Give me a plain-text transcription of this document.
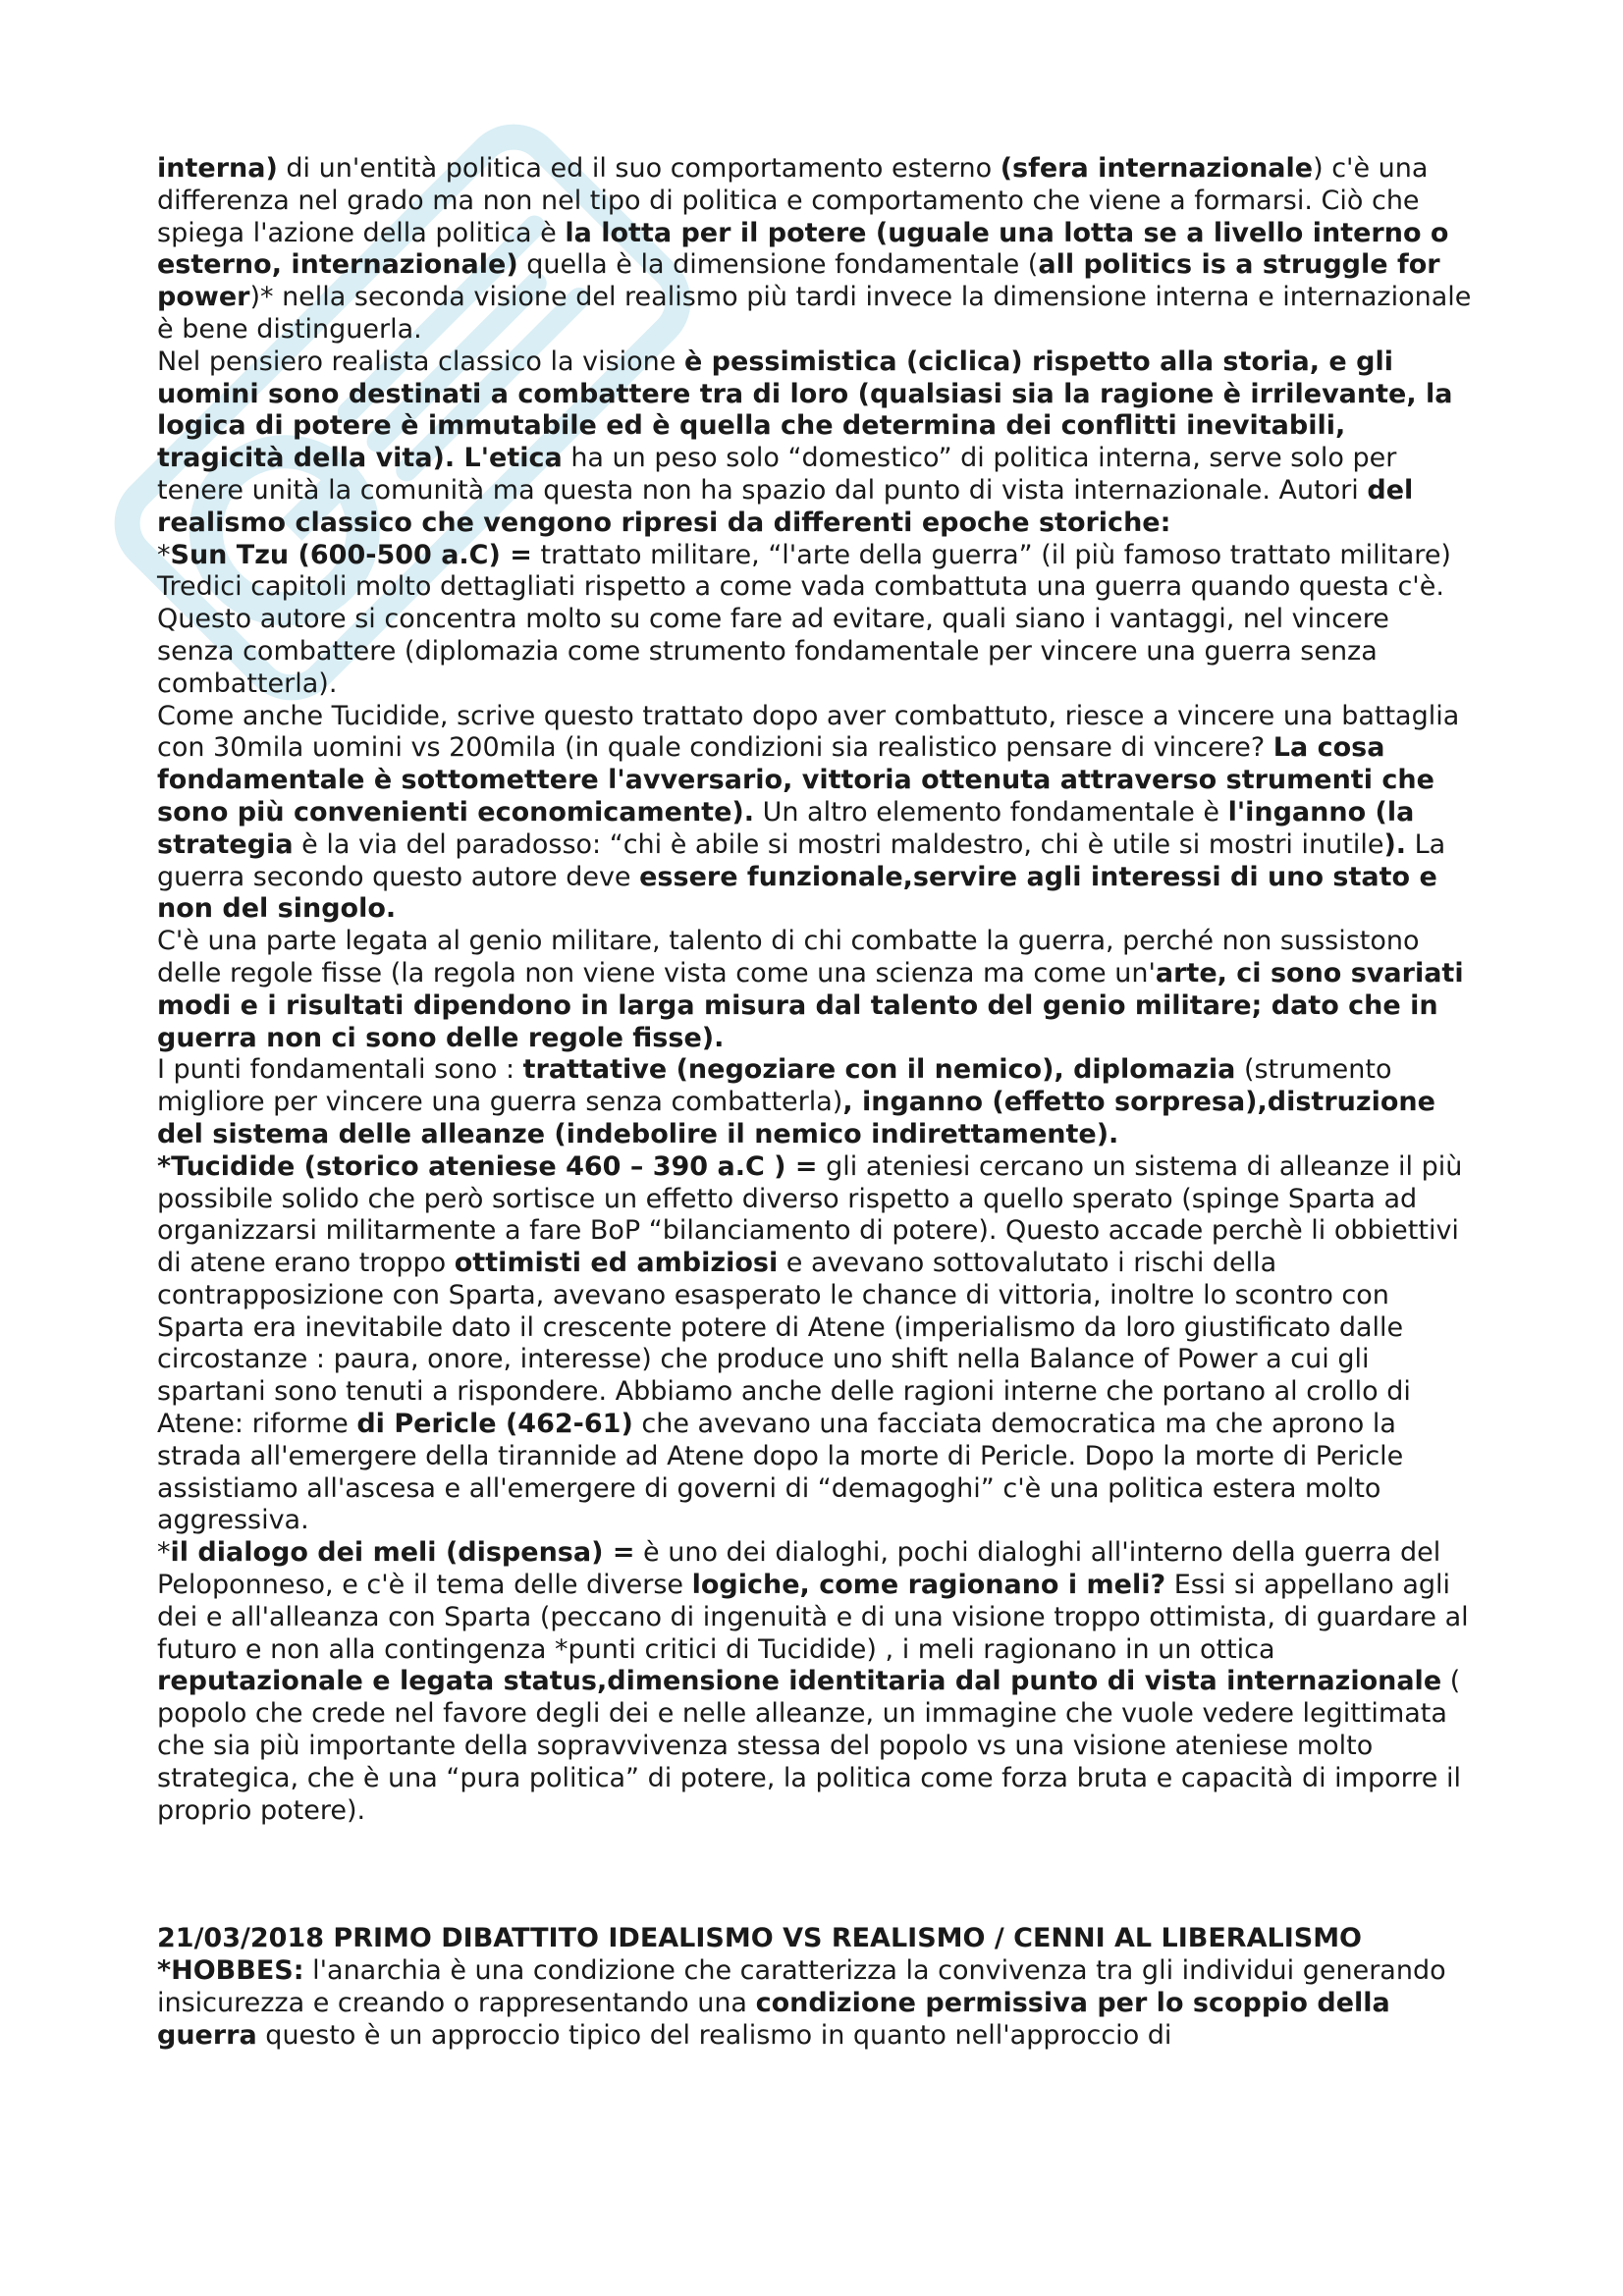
interna) di un'entità politica ed il suo comportamento esterno (sfera internazionale) c'è una differenza nel grado ma non nel tipo di politica e comportamento che viene a formarsi. Ciò che spiega l'azione della politica è la lotta per il potere (uguale una lotta se a livello interno o esterno, internazionale) quella è la dimensione fondamentale (all politics is a struggle for power)* nella seconda visione del realismo più tardi invece la dimensione interna e internazionale è bene distinguerla.

Nel pensiero realista classico la visione è pessimistica (ciclica) rispetto alla storia, e gli uomini sono destinati a combattere tra di loro (qualsiasi sia la ragione è irrilevante, la logica di potere è immutabile ed è quella che determina dei conflitti inevitabili, tragicità della vita). L'etica ha un peso solo “domestico” di politica interna, serve solo per tenere unità la comunità ma questa non ha spazio dal punto di vista internazionale. Autori del realismo classico che vengono ripresi da differenti epoche storiche:

*Sun Tzu (600-500 a.C) = trattato militare, “l'arte della guerra” (il più famoso trattato militare)

Tredici capitoli molto dettagliati rispetto a come vada combattuta una guerra quando questa c'è.

Questo autore si concentra molto su come fare ad evitare, quali siano i vantaggi, nel vincere senza combattere (diplomazia come strumento fondamentale per vincere una guerra senza combatterla).

Come anche Tucidide, scrive questo trattato dopo aver combattuto, riesce a vincere una battaglia con 30mila uomini vs 200mila (in quale condizioni sia realistico pensare di vincere? La cosa fondamentale è sottomettere l'avversario, vittoria ottenuta attraverso strumenti che sono più convenienti economicamente). Un altro elemento fondamentale è l'inganno (la strategia è la via del paradosso: “chi è abile si mostri maldestro, chi è utile si mostri inutile). La guerra secondo questo autore deve essere funzionale,servire agli interessi di uno stato e non del singolo.

C'è una parte legata al genio militare, talento di chi combatte la guerra, perché non sussistono delle regole fisse (la regola non viene vista come una scienza ma come un'arte, ci sono svariati modi e i risultati dipendono in larga misura dal talento del genio militare; dato che in guerra non ci sono delle regole fisse).

I punti fondamentali sono : trattative (negoziare con il nemico), diplomazia (strumento migliore per vincere una guerra senza combatterla), inganno (effetto sorpresa),distruzione del sistema delle alleanze (indebolire il nemico indirettamente).

*Tucidide (storico ateniese 460 – 390 a.C ) = gli ateniesi cercano un sistema di alleanze il più possibile solido che però sortisce un effetto diverso rispetto a quello sperato (spinge Sparta ad organizzarsi militarmente a fare BoP “bilanciamento di potere). Questo accade perchè li obbiettivi di atene erano troppo ottimisti ed ambiziosi e avevano sottovalutato i rischi della contrapposizione con Sparta, avevano esasperato le chance di vittoria, inoltre lo scontro con Sparta era inevitabile dato il crescente potere di Atene (imperialismo da loro giustificato dalle circostanze : paura, onore, interesse) che produce uno shift nella Balance of Power a cui gli spartani sono tenuti a rispondere. Abbiamo anche delle ragioni interne che portano al crollo di Atene: riforme di Pericle (462-61) che avevano una facciata democratica ma che aprono la strada all'emergere della tirannide ad Atene dopo la morte di Pericle. Dopo la morte di Pericle assistiamo all'ascesa e all'emergere di governi di “demagoghi” c'è una politica estera molto aggressiva.

*il dialogo dei meli (dispensa) = è uno dei dialoghi, pochi dialoghi all'interno della guerra del Peloponneso, e c'è il tema delle diverse logiche, come ragionano i meli? Essi si appellano agli dei e all'alleanza con Sparta (peccano di ingenuità e di una visione troppo ottimista, di guardare al futuro e non alla contingenza *punti critici di Tucidide) , i meli ragionano in un ottica reputazionale e legata status,dimensione identitaria dal punto di vista internazionale ( popolo che crede nel favore degli dei e nelle alleanze, un immagine che vuole vedere legittimata che sia più importante della sopravvivenza stessa del popolo vs una visione ateniese molto strategica, che è una “pura politica” di potere, la politica come forza bruta e capacità di imporre il proprio potere).

21/03/2018 PRIMO DIBATTITO IDEALISMO VS REALISMO / CENNI AL LIBERALISMO

*HOBBES: l'anarchia è una condizione che caratterizza la convivenza tra gli individui generando insicurezza e creando o rappresentando una condizione permissiva per lo scoppio della guerra questo è un approccio tipico del realismo in quanto nell'approccio di
